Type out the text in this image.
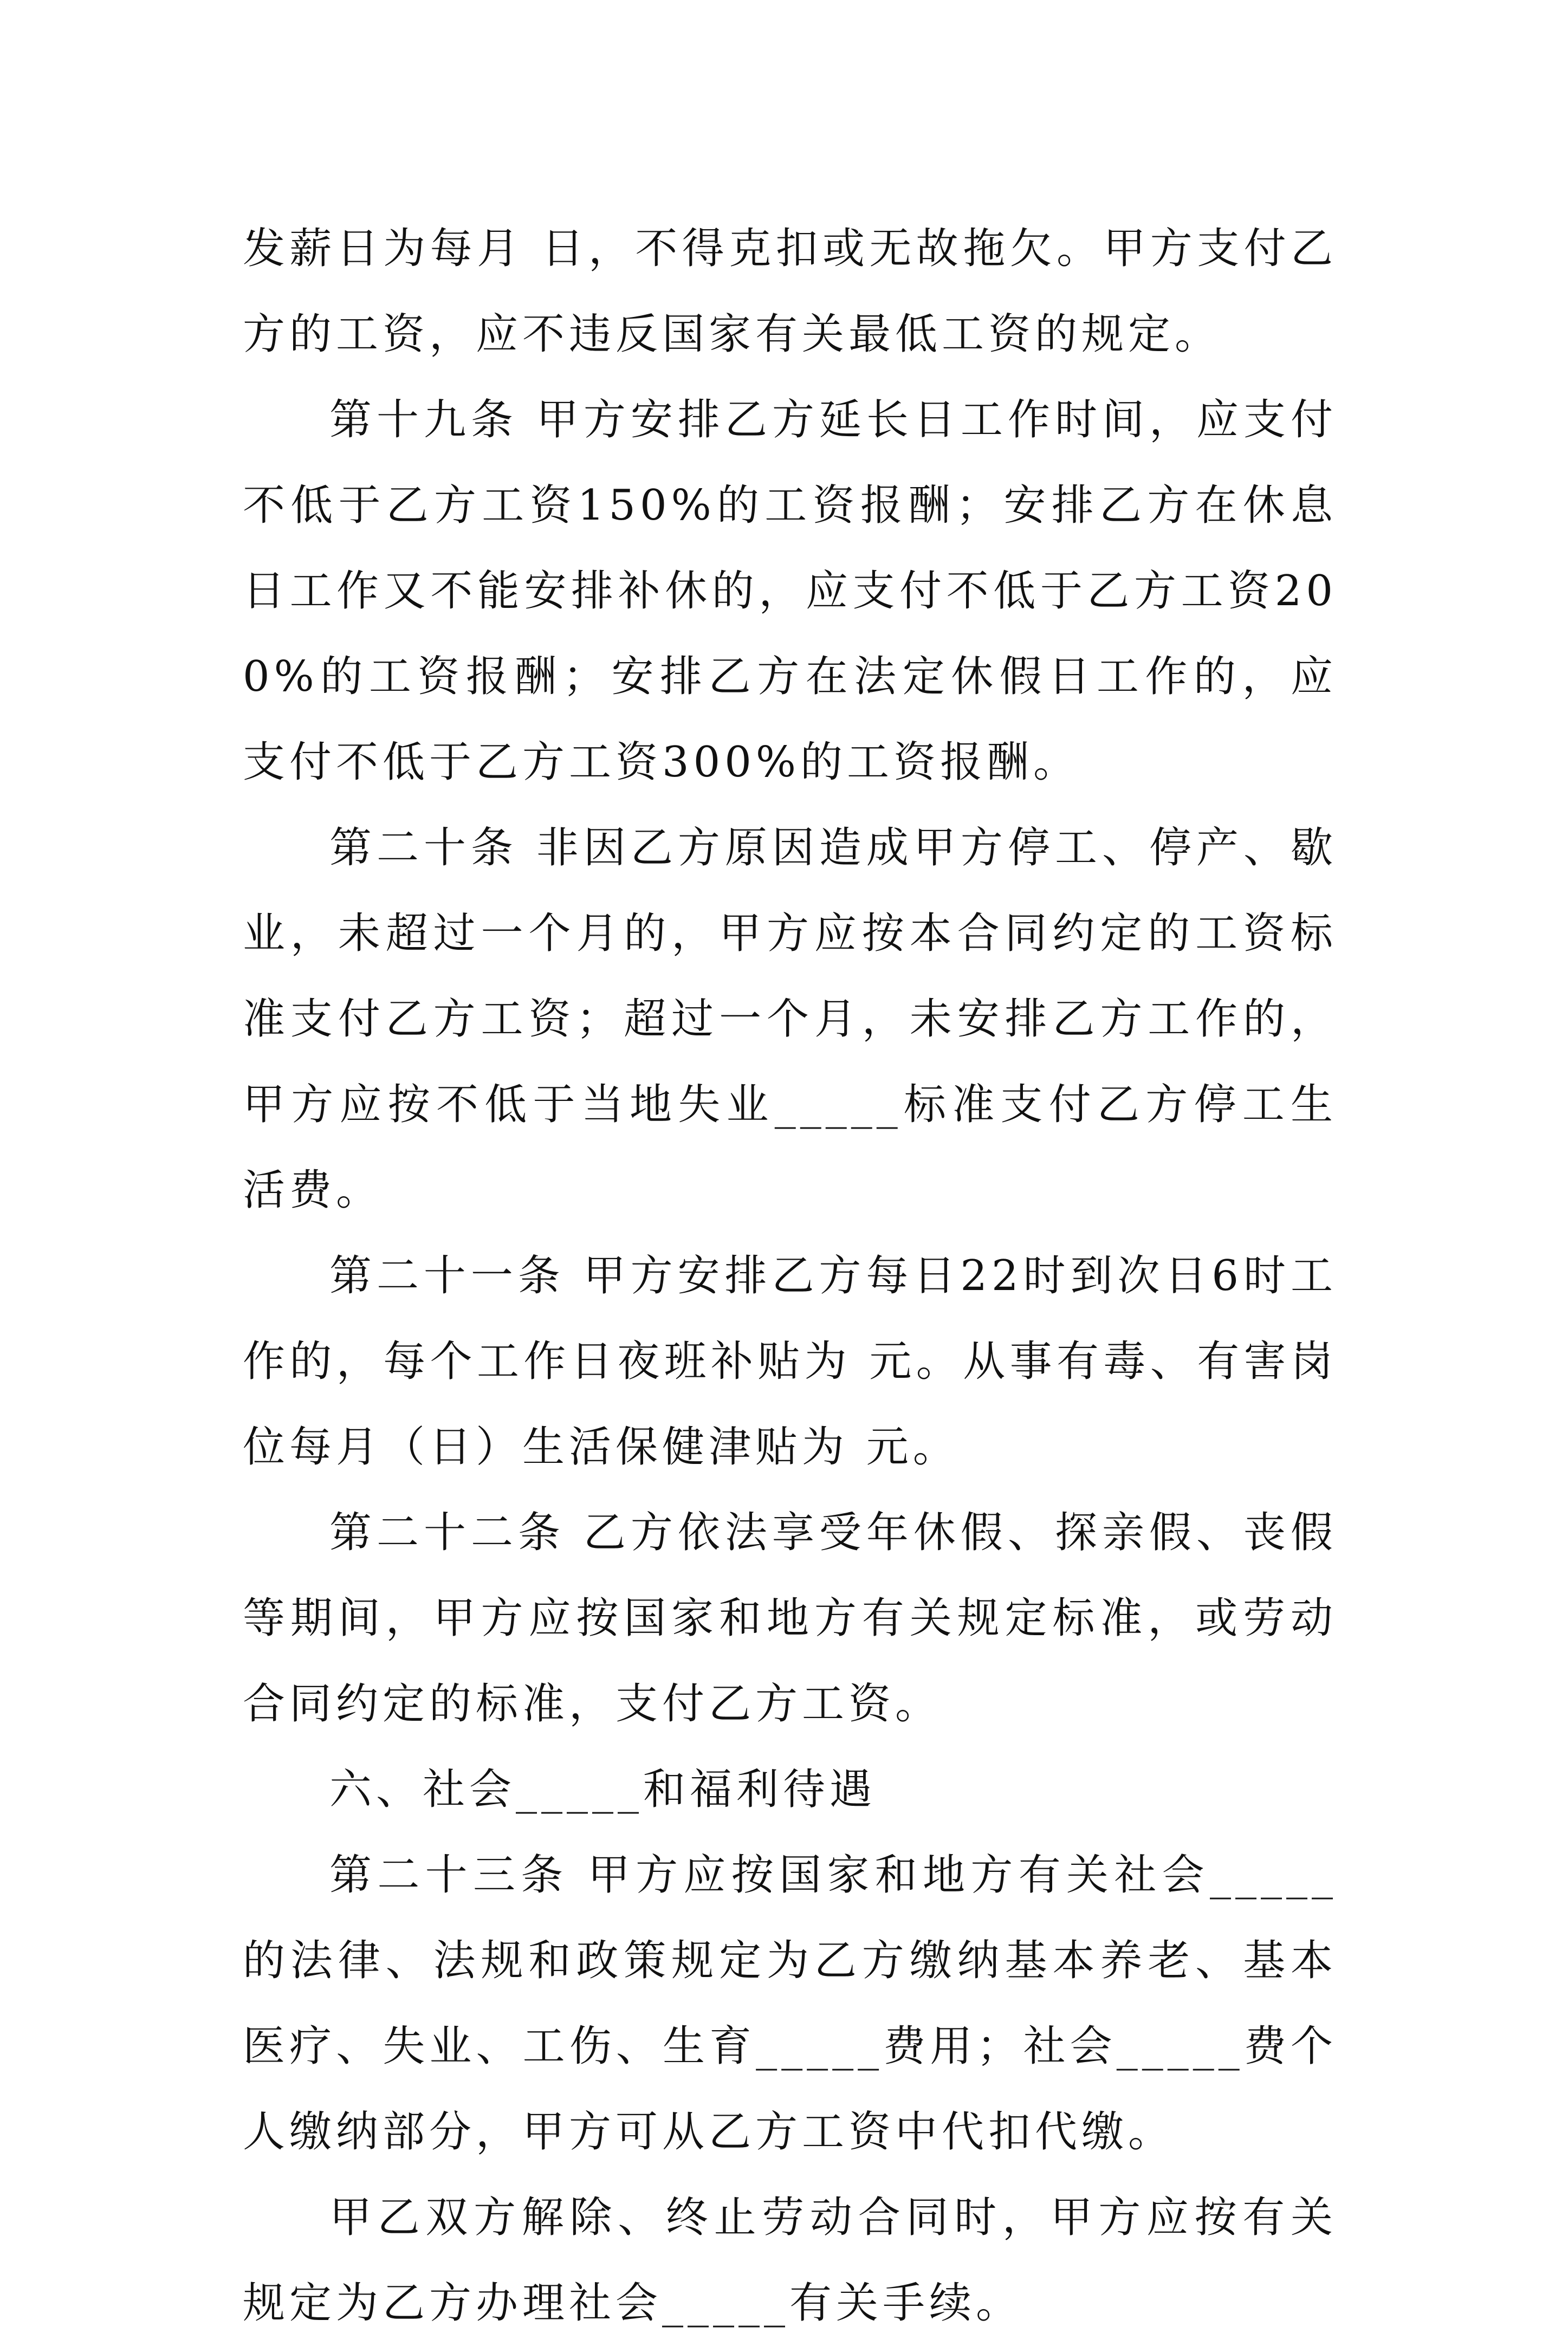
发薪日为每月 日，不得克扣或无故拖欠。甲方支付乙方的工资，应不违反国家有关最低工资的规定。

第十九条 甲方安排乙方延长日工作时间，应支付不低于乙方工资150%的工资报酬；安排乙方在休息日工作又不能安排补休的，应支付不低于乙方工资200%的工资报酬；安排乙方在法定休假日工作的，应支付不低于乙方工资300%的工资报酬。

第二十条 非因乙方原因造成甲方停工、停产、歇业，未超过一个月的，甲方应按本合同约定的工资标准支付乙方工资；超过一个月，未安排乙方工作的，甲方应按不低于当地失业_____标准支付乙方停工生活费。

第二十一条 甲方安排乙方每日22时到次日6时工作的，每个工作日夜班补贴为 元。从事有毒、有害岗位每月（日）生活保健津贴为 元。

第二十二条 乙方依法享受年休假、探亲假、丧假等期间，甲方应按国家和地方有关规定标准，或劳动合同约定的标准，支付乙方工资。

六、社会_____和福利待遇

第二十三条 甲方应按国家和地方有关社会_____的法律、法规和政策规定为乙方缴纳基本养老、基本医疗、失业、工伤、生育_____费用；社会_____费个人缴纳部分，甲方可从乙方工资中代扣代缴。

甲乙双方解除、终止劳动合同时，甲方应按有关规定为乙方办理社会_____有关手续。
